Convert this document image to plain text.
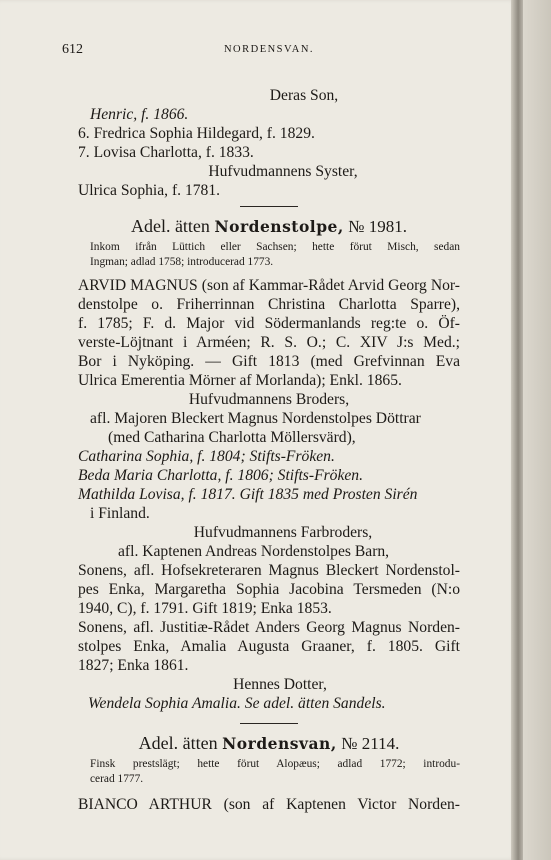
612	NORDENSVAN.
Deras Son,
Henric, f. 1866.
6. Fredrica Sophia Hildegard, f. 1829.
7. Lovisa Charlotta, f. 1833.
Hufvudmannens Syster,
Ulrica Sophia, f. 1781.
Adel. ätten Nordenstolpe, № 1981.
Inkom ifrån Lüttich eller Sachsen; hette förut Misch, sedan
Ingman; adlad 1758; introducerad 1773.
ARVID MAGNUS (son af Kammar-Rådet Arvid Georg Nor-
denstolpe o. Friherrinnan Christina Charlotta Sparre),
f. 1785; F. d. Major vid Södermanlands reg:te o. Öf-
verste-Löjtnant i Arméen; R. S. O.; C. XIV J:s Med.;
Bor i Nyköping. — Gift 1813 (med Grefvinnan Eva
Ulrica Emerentia Mörner af Morlanda); Enkl. 1865.
Hufvudmannens Broders,
afl. Majoren Bleckert Magnus Nordenstolpes Döttrar
(med Catharina Charlotta Möllersvärd),
Catharina Sophia, f. 1804; Stifts-Fröken.
Beda Maria Charlotta, f. 1806; Stifts-Fröken.
Mathilda Lovisa, f. 1817. Gift 1835 med Prosten Sirén
i Finland.
Hufvudmannens Farbroders,
afl. Kaptenen Andreas Nordenstolpes Barn,
Sonens, afl. Hofsekreteraren Magnus Bleckert Nordenstol-
pes Enka, Margaretha Sophia Jacobina Tersmeden (N:o
1940, C), f. 1791. Gift 1819; Enka 1853.
Sonens, afl. Justitiæ-Rådet Anders Georg Magnus Norden-
stolpes Enka, Amalia Augusta Graaner, f. 1805. Gift
1827; Enka 1861.
Hennes Dotter,
Wendela Sophia Amalia. Se adel. ätten Sandels.
Adel. ätten Nordensvan, № 2114.
Finsk prestslägt; hette förut Alopæus; adlad 1772; introdu-
cerad 1777.
BIANCO ARTHUR (son af Kaptenen Victor Norden-
